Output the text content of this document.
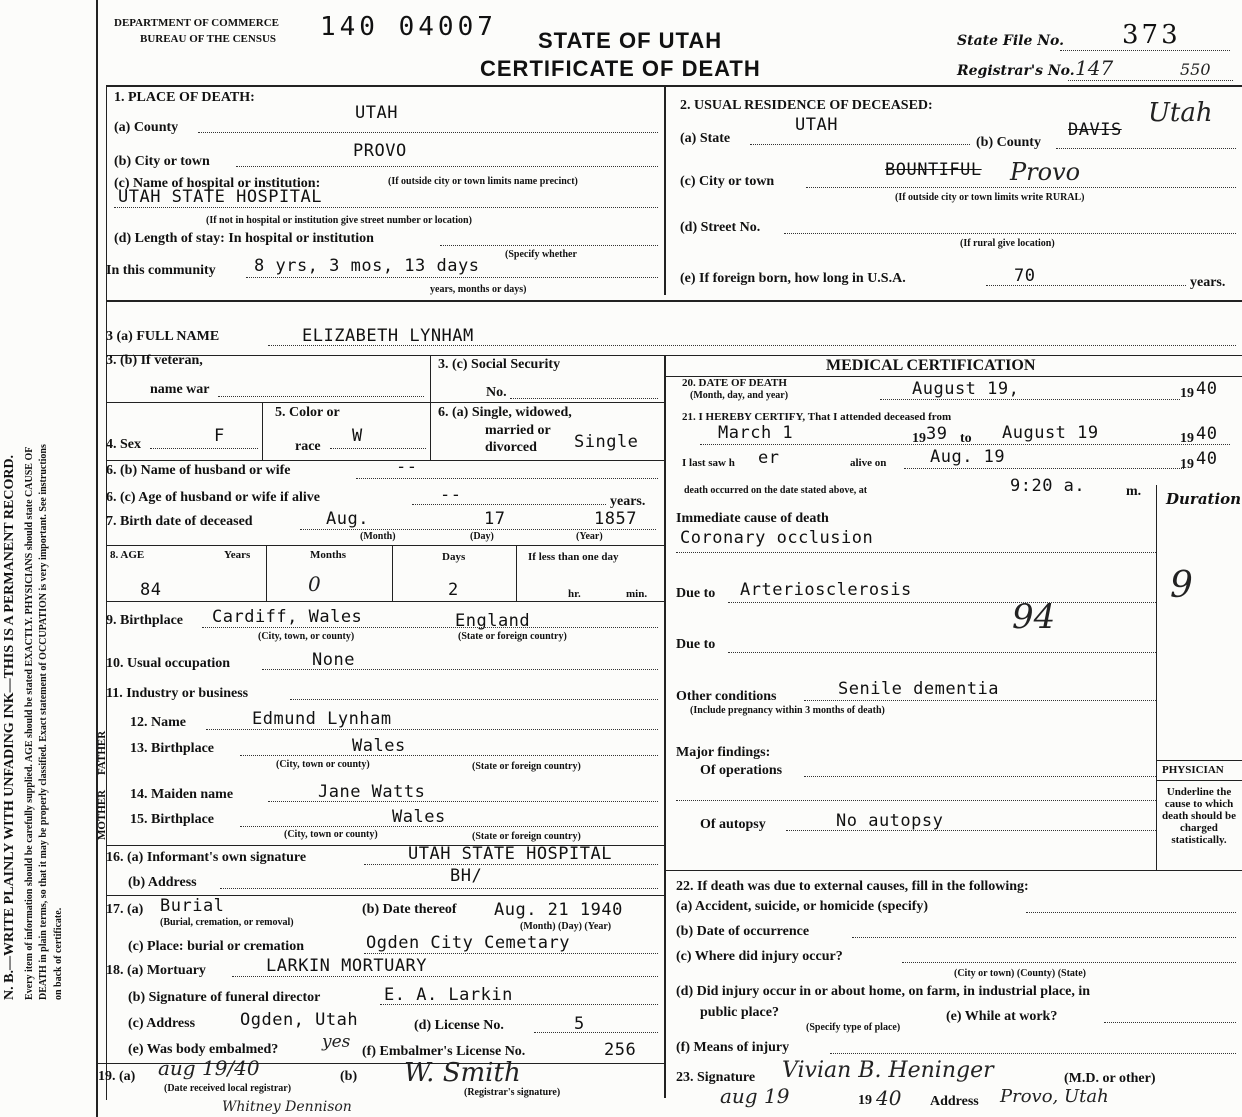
N. B.—WRITE PLAINLY WITH UNFADING INK—THIS IS A PERMANENT RECORD. Every item of information should be carefully supplied. AGE should be stated EXACTLY. PHYSICIANS should state CAUSE OF DEATH in plain terms, so that it may be properly classified. Exact statement of OCCUPATION is very important. See instructions on back of certificate.
DEPARTMENT OF COMMERCE
BUREAU OF THE CENSUS 140 04007 STATE OF UTAH
CERTIFICATE OF DEATH
State File No. 373
Registrar's No. 147	550
1. PLACE OF DEATH:
(a) County
UTAH
(b) City or town
PROVO
(c) Name of hospital or institution:	(If outside city or town limits name precinct)
UTAH STATE HOSPITAL
(If not in hospital or institution give street number or location)
(d) Length of stay: In hospital or institution
(Specify whether
In this community 8 yrs, 3 mos, 13 days
years, months or days)
2. USUAL RESIDENCE OF DECEASED:
(a) State
UTAH
(b) County
DAVIS
Utah
(c) City or town
BOUNTIFUL Provo
(If outside city or town limits write RURAL)
(d) Street No.
(If rural give location)
(e) If foreign born, how long in U.S.A.	70	years.
3 (a) FULL NAME	ELIZABETH LYNHAM
3. (b) If veteran,
name war
3. (c) Social Security
No.
4. Sex	F
5. Color or
race
W
6. (a) Single, widowed,
married or
divorced Single
6. (b) Name of husband or wife	--
6. (c) Age of husband or wife if alive	--	years.
7. Birth date of deceased	Aug.	17	1857
(Month)	(Day)	(Year)
8. AGE	Years	Months	Days	If less than one day
84	0	2	hr.	min.
9. Birthplace Cardiff, Wales	England
(City, town, or county)	(State or foreign country)
10. Usual occupation	None
11. Industry or business
FATHER
MOTHER
12. Name	Edmund Lynham
13. Birthplace	Wales
(City, town or county)	(State or foreign country)
14. Maiden name	Jane Watts
15. Birthplace	Wales
(City, town or county)	(State or foreign country)
16. (a) Informant's own signature	UTAH STATE HOSPITAL
(b) Address	BH/
17. (a) Burial
(Burial, cremation, or removal)
(b) Date thereof Aug. 21 1940
(Month) (Day) (Year)
(c) Place: burial or cremation	Ogden City Cemetary
18. (a) Mortuary	LARKIN MORTUARY
(b) Signature of funeral director	E. A. Larkin
(c) Address	Ogden, Utah	(d) License No.	5
(e) Was body embalmed?	yes (f) Embalmer's License No.	256
19. (a) aug 19/40	(b)
(Date received local registrar)
W. Smith
(Registrar's signature)
MEDICAL CERTIFICATION
20. DATE OF DEATH
(Month, day, and year)	August 19,	19 40
21. I HEREBY CERTIFY, That I attended deceased from
March 1	19 39 to August 19	19 40
I last saw h er	alive on	Aug. 19	19 40
death occurred on the date stated above, at	9:20 a.	m. Duration
Immediate cause of death
Coronary occlusion
Due to Arteriosclerosis
94
9
Due to
Other conditions	Senile dementia
(Include pregnancy within 3 months of death)
Major findings:
Of operations
Of autopsy	No autopsy
PHYSICIAN
Underline the cause to which death should be charged statistically.
22. If death was due to external causes, fill in the following:
(a) Accident, suicide, or homicide (specify)
(b) Date of occurrence
(c) Where did injury occur?
(City or town) (County) (State)
(d) Did injury occur in or about home, on farm, in industrial place, in
public place?
(Specify type of place)
(e) While at work?
(f) Means of injury
23. Signature Vivian B. Heninger	(M.D. or other)
aug 19	19 40 Address Provo, Utah
Whitney Dennison
